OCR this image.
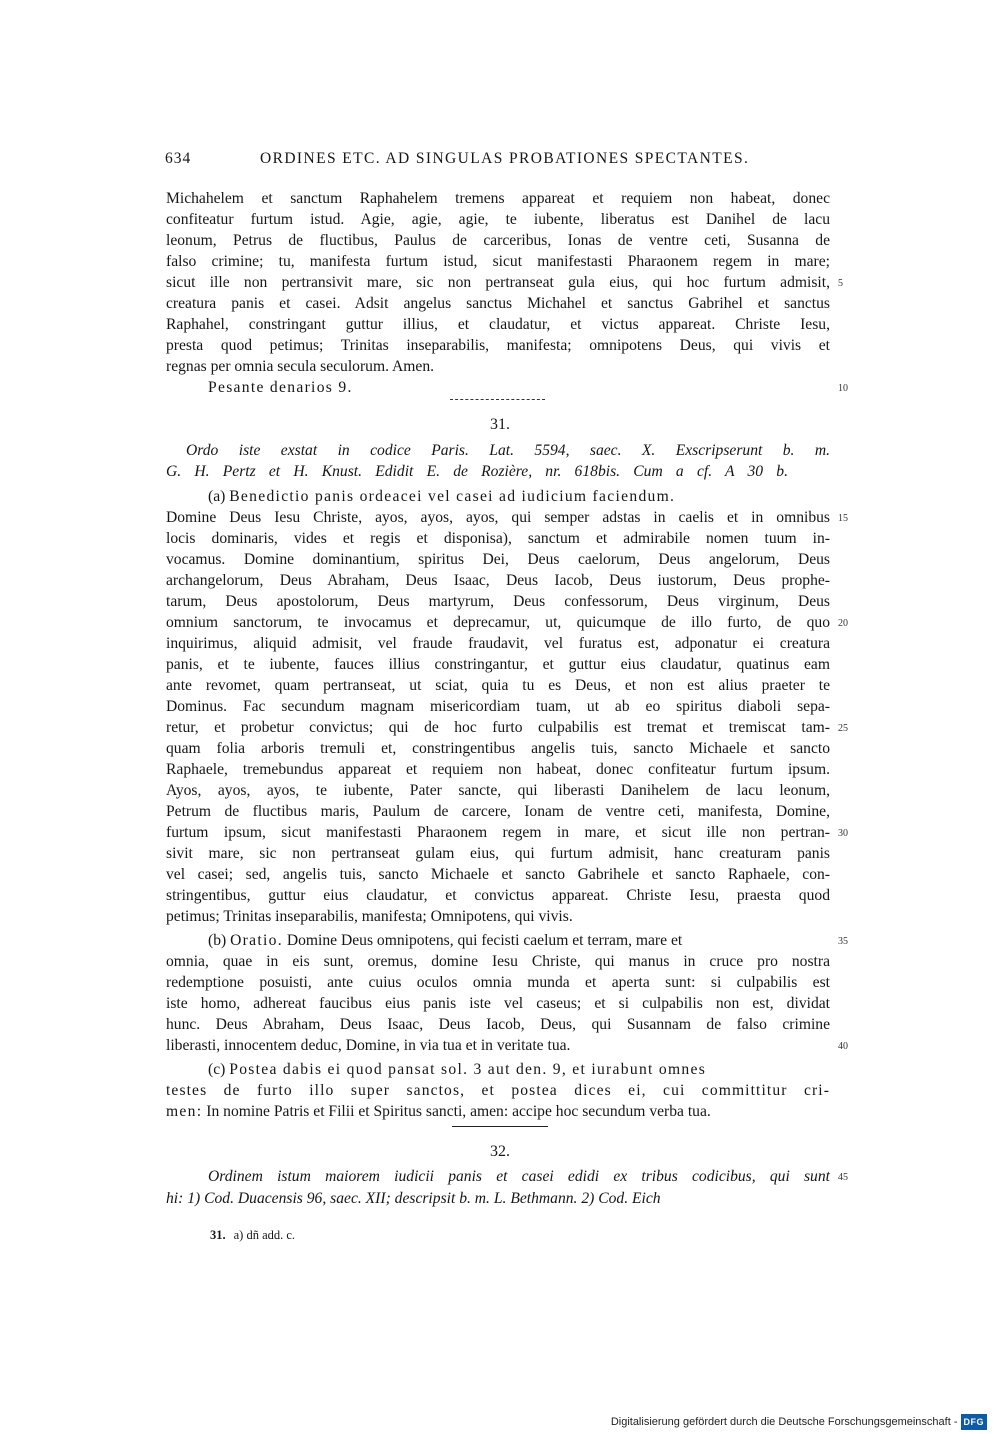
634	ORDINES ETC. AD SINGULAS PROBATIONES SPECTANTES.
Michahelem et sanctum Raphahelem tremens appareat et requiem non habeat, donec
confiteatur furtum istud. Agie, agie, agie, te iubente, liberatus est Danihel de lacu
leonum, Petrus de fluctibus, Paulus de carceribus, Ionas de ventre ceti, Susanna de
falso crimine; tu, manifesta furtum istud, sicut manifestasti Pharaonem regem in mare;
sicut ille non pertransivit mare, sic non pertranseat gula eius, qui hoc furtum admisit,
creatura panis et casei. Adsit angelus sanctus Michahel et sanctus Gabrihel et sanctus
Raphahel, constringant guttur illius, et claudatur, et victus appareat. Christe Iesu,
presta quod petimus; Trinitas inseparabilis, manifesta; omnipotens Deus, qui vivis et
regnas per omnia secula seculorum. Amen.
Pesante denarios 9.
31.
Ordo iste exstat in codice Paris. Lat. 5594, saec. X. Exscripserunt b. m.
G. H. Pertz et H. Knust. Edidit E. de Rozière, nr. 618bis. Cum a cf. A 30 b.
(a) Benedictio panis ordeacei vel casei ad iudicium faciendum.
Domine Deus Iesu Christe, ayos, ayos, ayos, qui semper adstas in caelis et in omnibus
locis dominaris, vides et regis et disponisa), sanctum et admirabile nomen tuum in-
vocamus. Domine dominantium, spiritus Dei, Deus caelorum, Deus angelorum, Deus
archangelorum, Deus Abraham, Deus Isaac, Deus Iacob, Deus iustorum, Deus prophe-
tarum, Deus apostolorum, Deus martyrum, Deus confessorum, Deus virginum, Deus
omnium sanctorum, te invocamus et deprecamur, ut, quicumque de illo furto, de quo
inquirimus, aliquid admisit, vel fraude fraudavit, vel furatus est, adponatur ei creatura
panis, et te iubente, fauces illius constringantur, et guttur eius claudatur, quatinus eam
ante revomet, quam pertranseat, ut sciat, quia tu es Deus, et non est alius praeter te
Dominus. Fac secundum magnam misericordiam tuam, ut ab eo spiritus diaboli sepa-
retur, et probetur convictus; qui de hoc furto culpabilis est tremat et tremiscat tam-
quam folia arboris tremuli et, constringentibus angelis tuis, sancto Michaele et sancto
Raphaele, tremebundus appareat et requiem non habeat, donec confiteatur furtum ipsum.
Ayos, ayos, ayos, te iubente, Pater sancte, qui liberasti Danihelem de lacu leonum,
Petrum de fluctibus maris, Paulum de carcere, Ionam de ventre ceti, manifesta, Domine,
furtum ipsum, sicut manifestasti Pharaonem regem in mare, et sicut ille non pertran-
sivit mare, sic non pertranseat gulam eius, qui furtum admisit, hanc creaturam panis
vel casei; sed, angelis tuis, sancto Michaele et sancto Gabrihele et sancto Raphaele, con-
stringentibus, guttur eius claudatur, et convictus appareat. Christe Iesu, praesta quod
petimus; Trinitas inseparabilis, manifesta; Omnipotens, qui vivis.
(b) Oratio. Domine Deus omnipotens, qui fecisti caelum et terram, mare et
omnia, quae in eis sunt, oremus, domine Iesu Christe, qui manus in cruce pro nostra
redemptione posuisti, ante cuius oculos omnia munda et aperta sunt: si culpabilis est
iste homo, adhereat faucibus eius panis iste vel caseus; et si culpabilis non est, dividat
hunc. Deus Abraham, Deus Isaac, Deus Iacob, Deus, qui Susannam de falso crimine
liberasti, innocentem deduc, Domine, in via tua et in veritate tua.
(c) Postea dabis ei quod pansat sol. 3 aut den. 9, et iurabunt omnes
testes de furto illo super sanctos, et postea dices ei, cui committitur cri-
men: In nomine Patris et Filii et Spiritus sancti, amen: accipe hoc secundum verba tua.
32.
Ordinem istum maiorem iudicii panis et casei edidi ex tribus codicibus, qui sunt
hi: 1) Cod. Duacensis 96, saec. XII; descripsit b. m. L. Bethmann. 2) Cod. Eich
5
10
15
20
25
30
35
40
45
31. a) dñ add. c.
Digitalisierung gefördert durch die Deutsche Forschungsgemeinschaft - DFG
